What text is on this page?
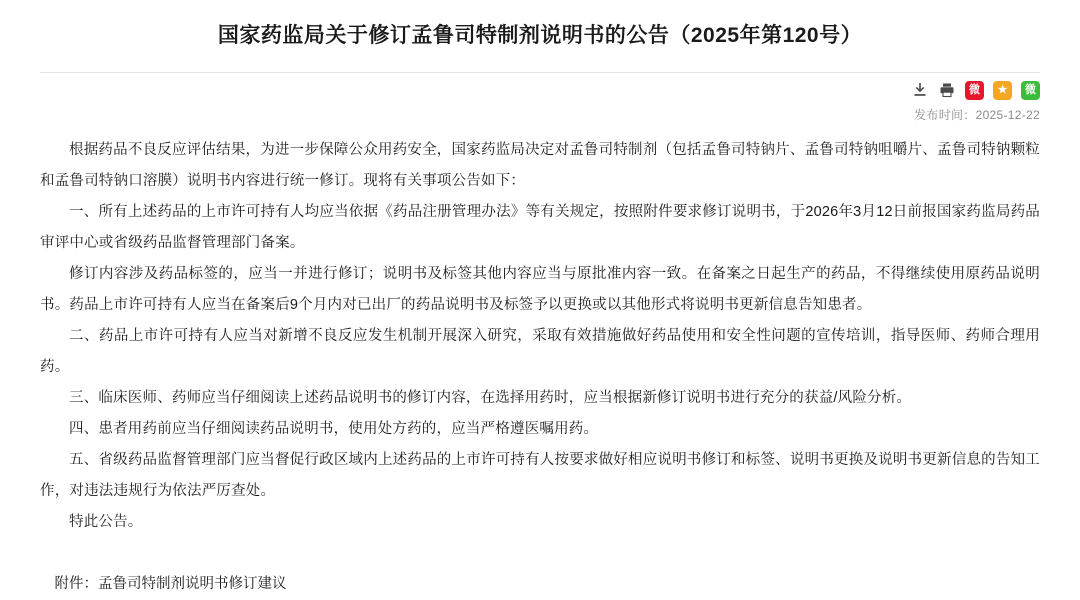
国家药监局关于修订孟鲁司特制剂说明书的公告（2025年第120号）
微	★	微
发布时间：2025-12-22

根据药品不良反应评估结果，为进一步保障公众用药安全，国家药监局决定对孟鲁司特制剂（包括孟鲁司特钠片、孟鲁司特钠咀嚼片、孟鲁司特钠颗粒和孟鲁司特钠口溶膜）说明书内容进行统一修订。现将有关事项公告如下：

一、所有上述药品的上市许可持有人均应当依据《药品注册管理办法》等有关规定，按照附件要求修订说明书，于2026年3月12日前报国家药监局药品审评中心或省级药品监督管理部门备案。

修订内容涉及药品标签的，应当一并进行修订；说明书及标签其他内容应当与原批准内容一致。在备案之日起生产的药品，不得继续使用原药品说明书。药品上市许可持有人应当在备案后9个月内对已出厂的药品说明书及标签予以更换或以其他形式将说明书更新信息告知患者。

二、药品上市许可持有人应当对新增不良反应发生机制开展深入研究，采取有效措施做好药品使用和安全性问题的宣传培训，指导医师、药师合理用药。

三、临床医师、药师应当仔细阅读上述药品说明书的修订内容，在选择用药时，应当根据新修订说明书进行充分的获益/风险分析。

四、患者用药前应当仔细阅读药品说明书，使用处方药的，应当严格遵医嘱用药。

五、省级药品监督管理部门应当督促行政区域内上述药品的上市许可持有人按要求做好相应说明书修订和标签、说明书更换及说明书更新信息的告知工作，对违法违规行为依法严厉查处。

特此公告。

附件：孟鲁司特制剂说明书修订建议
